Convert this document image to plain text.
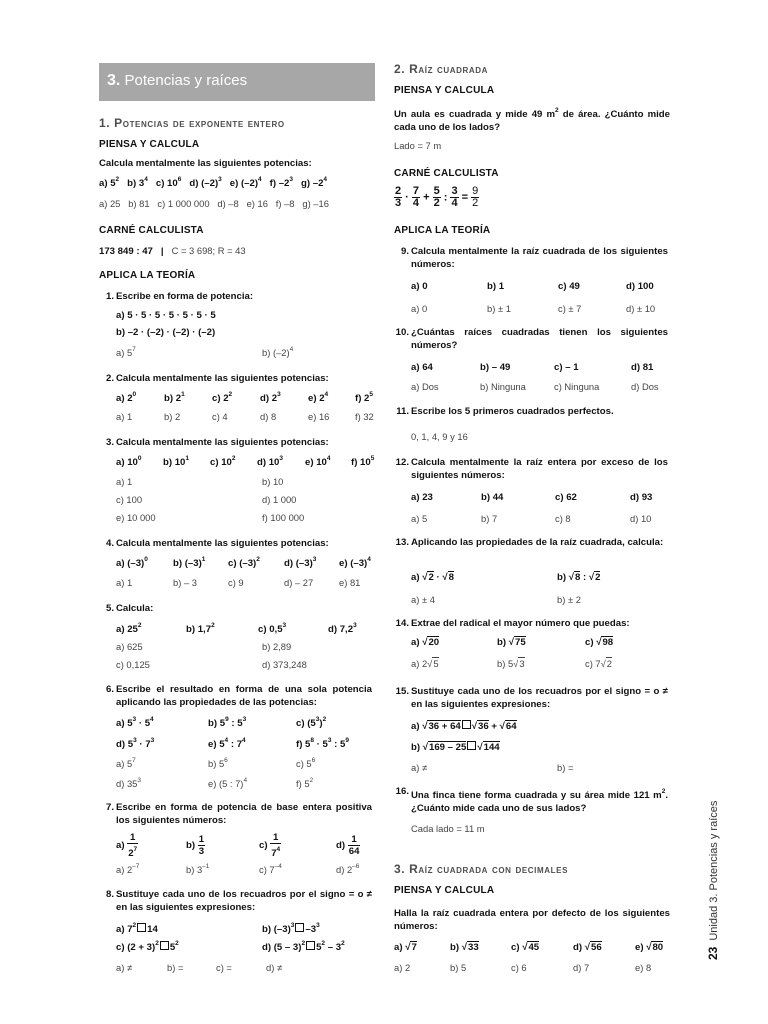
3. Potencias y raíces
1. Potencias de exponente entero
PIENSA Y CALCULA
Calcula mentalmente las siguientes potencias:
a) $5^2$ b) $3^4$ c) $10^6$ d) $(-2)^3$ e) $(-2)^4$ f) $-2^3$ g) $-2^4$
a) 25 b) 81 c) 1 000 000 d) –8 e) 16 f) –8 g) –16
CARNÉ CALCULISTA
173 849 : 47 | C = 3 698; R = 43
APLICA LA TEORÍA
1. Escribe en forma de potencia:
a) 5 · 5 · 5 · 5 · 5 · 5 · 5
b) –2 · (–2) · (–2) · (–2)
a) $5^7$	b) $(-2)^4$
2. Calcula mentalmente las siguientes potencias:
a) $2^0$	b) $2^1$	c) $2^2$	d) $2^3$	e) $2^4$	f) $2^5$
a) 1	b) 2	c) 4	d) 8	e) 16	f) 32
3. Calcula mentalmente las siguientes potencias:
a) $10^0$ b) $10^1$ c) $10^2$ d) $10^3$ e) $10^4$ f) $10^5$
a) 1	b) 10
c) 100	d) 1 000
e) 10 000	f) 100 000
4. Calcula mentalmente las siguientes potencias:
a) $(-3)^0$	b) $(-3)^1$ c) $(-3)^2$	d) $(-3)^3$ e) $(-3)^4$
a) 1	b) – 3	c) 9	d) – 27	e) 81
5. Calcula:
a) $25^2$	b) $1,7^2$	c) $0,5^3$	d) $7,2^3$
a) 625	b) 2,89
c) 0,125	d) 373,248
6. Escribe el resultado en forma de una sola potencia aplicando las propiedades de las potencias:
a) $5^3 \cdot 5^4$	b) $5^9$ : $5^3$	c) $(5^3)^2$
d) $5^3 \cdot 7^3$	e) $5^4$ : $7^4$	f) $5^8 \cdot 5^3$ : $5^9$
a) $5^7$	b) $5^6$	c) $5^6$
d) $35^3$	e) (5 : 7)$^4$	f) $5^2$
7. Escribe en forma de potencia de base entera positiva los siguientes números:
$a) \frac{1}{2^7}$	$b) \frac{1}{3}$	$c) \frac{1}{7^4}$	$d) \frac{1}{64}$
a) $2^{-7}$	b) $3^{-1}$	c) $7^{-4}$	d) $2^{-6}$
8. Sustituye cada uno de los recuadros por el signo = o ≠ en las siguientes expresiones:
a) $7^2$ 14	b) $(-3)^3$ $-3^3$
c) $(2 + 3)^2$ $5^2$	d) (5 – 3)$^2$ $5^2 - 3^2$
a) ≠	b) =	c) =	d) ≠
2. Raíz cuadrada
PIENSA Y CALCULA
Un aula es cuadrada y mide 49 $m^2$ de área. ¿Cuánto mide cada uno de los lados?
Lado = 7 m
CARNÉ CALCULISTA
$\frac{2}{3} \cdot \frac{7}{4} + \frac{5}{2}$ : $\frac{3}{4} = \frac{9}{2}$
APLICA LA TEORÍA
9. Calcula mentalmente la raíz cuadrada de los siguientes números:
a) 0	b) 1	c) 49	d) 100
a) 0	b) ± 1	c) ± 7	d) ± 10
10. ¿Cuántas raíces cuadradas tienen los siguientes números?
a) 64	b) – 49	c) – 1	d) 81
a) Dos	b) Ninguna	c) Ninguna	d) Dos
11. Escribe los 5 primeros cuadrados perfectos.
0, 1, 4, 9 y 16
12. Calcula mentalmente la raíz entera por exceso de los siguientes números:
a) 23	b) 44	c) 62	d) 93
a) 5	b) 7	c) 8	d) 10
13. Aplicando las propiedades de la raíz cuadrada, calcula:
a) √2 · √8	b) √8 : √2
a) ± 4	b) ± 2
14. Extrae del radical el mayor número que puedas:
a) √20	b) √75	c) √98
a) 2√5	b) 5√3	c) 7√2
15. Sustituye cada uno de los recuadros por el signo = o ≠ en las siguientes expresiones:
a) √36 + 64 √36 + √64
b) √169 – 25 √144
a) ≠	b) =
16. Una finca tiene forma cuadrada y su área mide 121 $m^2$. ¿Cuánto mide cada uno de sus lados?
Cada lado = 11 m
3. Raíz cuadrada con decimales
PIENSA Y CALCULA
Halla la raíz cuadrada entera por defecto de los siguientes números:
a) √7	b) √33	c) √45	d) √56	e) √80
a) 2	b) 5	c) 6	d) 7	e) 8
23Unidad 3. Potencias y raíces
